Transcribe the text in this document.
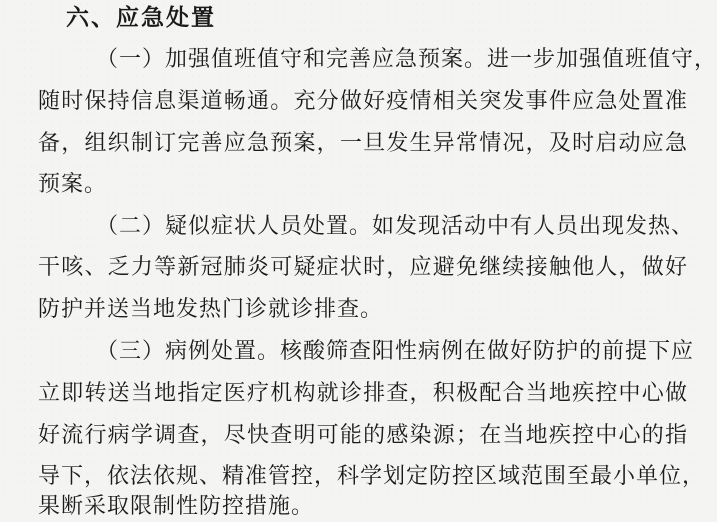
六、应急处置
（一）加强值班值守和完善应急预案。进一步加强值班值守，
随时保持信息渠道畅通。充分做好疫情相关突发事件应急处置准
备，组织制订完善应急预案，一旦发生异常情况，及时启动应急
预案。
（二）疑似症状人员处置。如发现活动中有人员出现发热、
干咳、乏力等新冠肺炎可疑症状时，应避免继续接触他人，做好
防护并送当地发热门诊就诊排查。
（三）病例处置。核酸筛查阳性病例在做好防护的前提下应
立即转送当地指定医疗机构就诊排查，积极配合当地疾控中心做
好流行病学调查，尽快查明可能的感染源；在当地疾控中心的指
导下，依法依规、精准管控，科学划定防控区域范围至最小单位，
果断采取限制性防控措施。
